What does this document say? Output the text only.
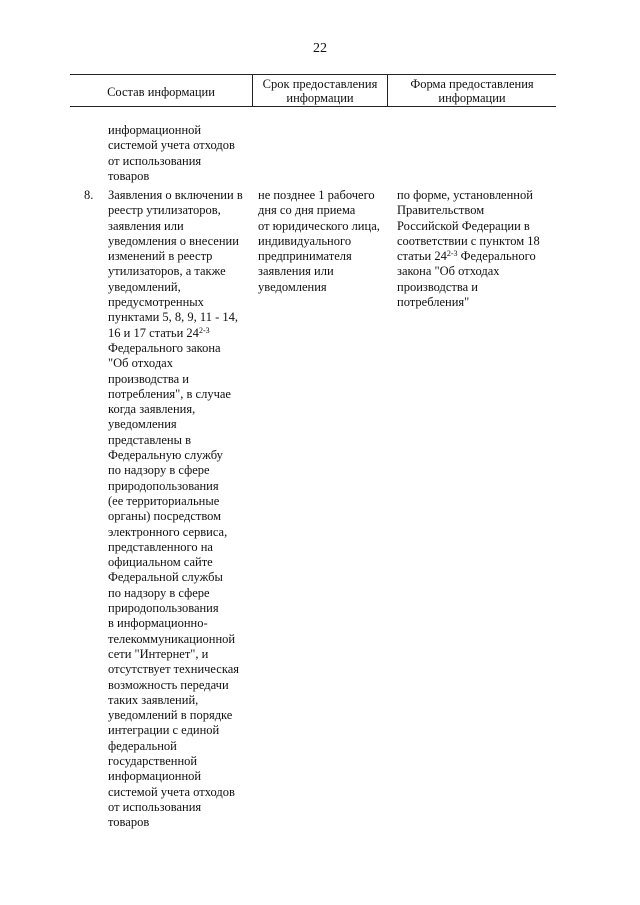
22
Состав информации
Срок предоставления информации
Форма предоставления информации
информационной
системой учета отходов
от использования
товаров
8. Заявления о включении в
реестр утилизаторов,
заявления или
уведомления о внесении
изменений в реестр
утилизаторов, а также
уведомлений,
предусмотренных
пунктами 5, 8, 9, 11 - 14,
16 и 17 статьи 24$^{2-3}$
Федерального закона
"Об отходах
производства и
потребления", в случае
когда заявления,
уведомления
представлены в
Федеральную службу
по надзору в сфере
природопользования
(ее территориальные
органы) посредством
электронного сервиса,
представленного на
официальном сайте
Федеральной службы
по надзору в сфере
природопользования
в информационно-
телекоммуникационной
сети "Интернет", и
отсутствует техническая
возможность передачи
таких заявлений,
уведомлений в порядке
интеграции с единой
федеральной
государственной
информационной
системой учета отходов
от использования
товаров
не позднее 1 рабочего
дня со дня приема
от юридического лица,
индивидуального
предпринимателя
заявления или
уведомления
по форме, установленной
Правительством
Российской Федерации в
соответствии с пунктом 18
статьи 24$^{2-3}$ Федерального
закона "Об отходах
производства и
потребления"
